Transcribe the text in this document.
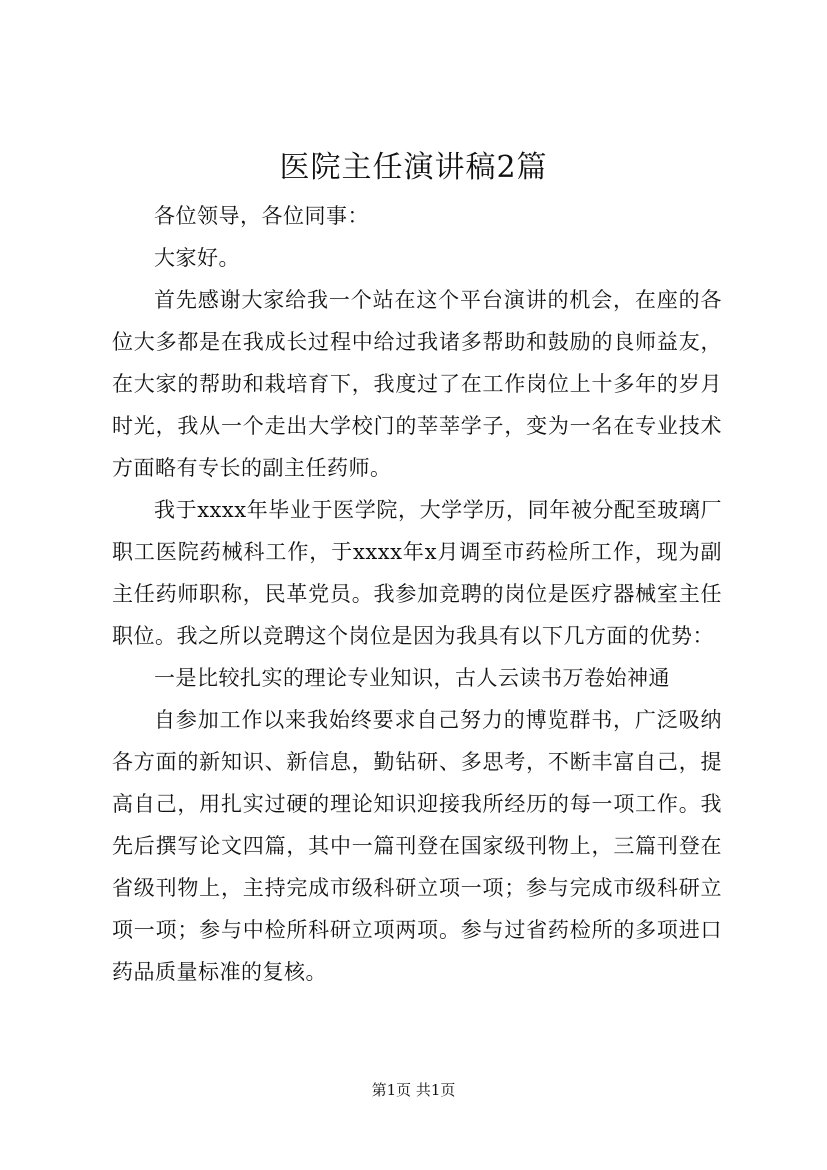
医院主任演讲稿2篇

各位领导，各位同事：

大家好。

首先感谢大家给我一个站在这个平台演讲的机会，在座的各位大多都是在我成长过程中给过我诸多帮助和鼓励的良师益友，在大家的帮助和栽培育下，我度过了在工作岗位上十多年的岁月时光，我从一个走出大学校门的莘莘学子，变为一名在专业技术方面略有专长的副主任药师。

我于xxxx年毕业于医学院，大学学历，同年被分配至玻璃厂职工医院药械科工作，于xxxx年x月调至市药检所工作，现为副主任药师职称，民革党员。我参加竞聘的岗位是医疗器械室主任职位。我之所以竞聘这个岗位是因为我具有以下几方面的优势：

一是比较扎实的理论专业知识，古人云读书万卷始神通

自参加工作以来我始终要求自己努力的博览群书，广泛吸纳各方面的新知识、新信息，勤钻研、多思考，不断丰富自己，提高自己，用扎实过硬的理论知识迎接我所经历的每一项工作。我先后撰写论文四篇，其中一篇刊登在国家级刊物上，三篇刊登在省级刊物上，主持完成市级科研立项一项；参与完成市级科研立项一项；参与中检所科研立项两项。参与过省药检所的多项进口药品质量标准的复核。

第1页 共1页
